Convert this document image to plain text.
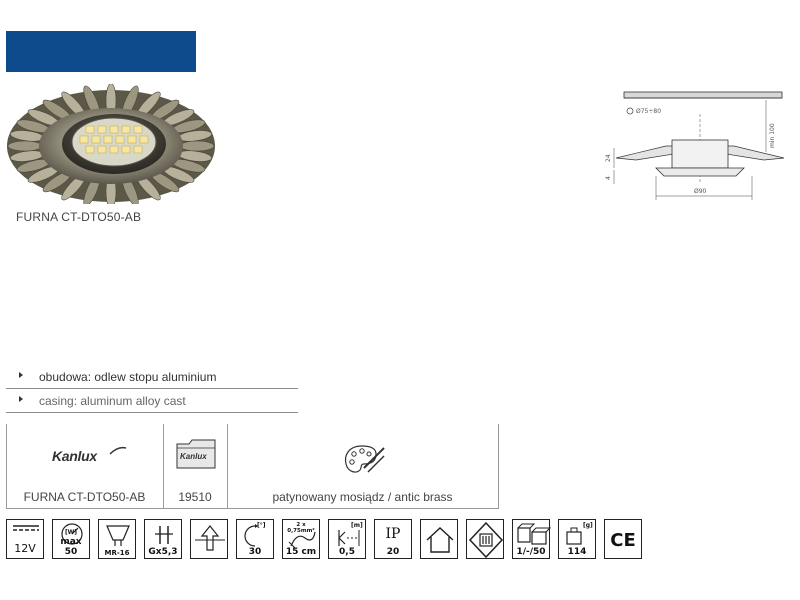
FURNA CT-DTO50-AB
Ø75÷80
min 100
24
4
Ø90
obudowa: odlew stopu aluminium
casing: aluminum alloy cast
Kanlux
FURNA CT-DTO50-AB
Kanlux
19510	patynowany mosiądz / antic brass
12V
[W]
max 50	MR-16	Gx5,3
[°]
30
2 x 0,75mm²
15 cm
[m]
0,5
IP
20	1/-/50
[g]
114
CE
